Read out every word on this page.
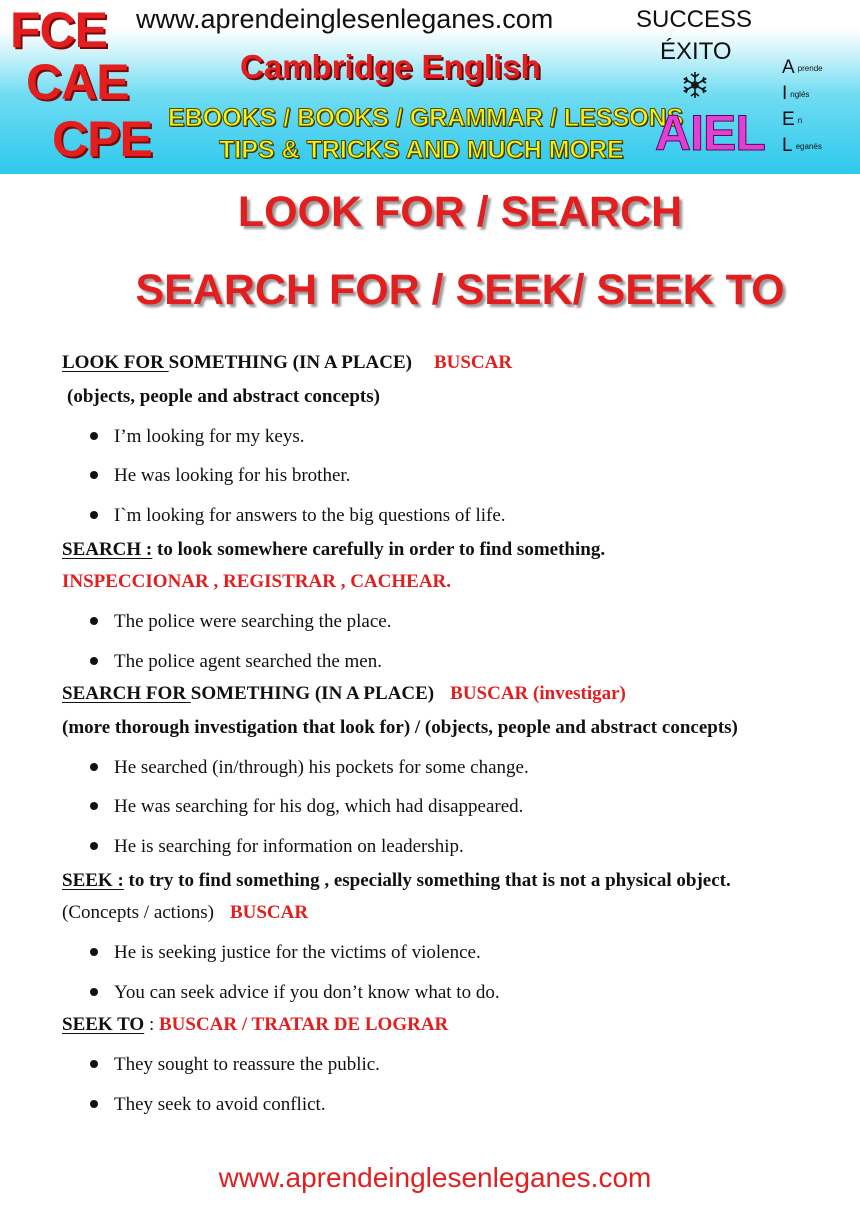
FCE
CAE
CPE
www.aprendeinglesenleganes.com
Cambridge English
EBOOKS / BOOKS / GRAMMAR / LESSONS
TIPS & TRICKS AND MUCH MORE
SUCCESS
ÉXITO
AIEL
Aprende
Inglés
En
Leganés
LOOK FOR / SEARCH
SEARCH FOR / SEEK/ SEEK TO
LOOK FOR SOMETHING (IN A PLACE) BUSCAR
(objects, people and abstract concepts)
I’m looking for my keys.
He was looking for his brother.
I`m looking for answers to the big questions of life.
SEARCH : to look somewhere carefully in order to find something.
INSPECCIONAR , REGISTRAR , CACHEAR.
The police were searching the place.
The police agent searched the men.
SEARCH FOR SOMETHING (IN A PLACE) BUSCAR (investigar)
(more thorough investigation that look for) / (objects, people and abstract concepts)
He searched (in/through) his pockets for some change.
He was searching for his dog, which had disappeared.
He is searching for information on leadership.
SEEK : to try to find something , especially something that is not a physical object.
(Concepts / actions) BUSCAR
He is seeking justice for the victims of violence.
You can seek advice if you don’t know what to do.
SEEK TO : BUSCAR / TRATAR DE LOGRAR
They sought to reassure the public.
They seek to avoid conflict.
www.aprendeinglesenleganes.com
